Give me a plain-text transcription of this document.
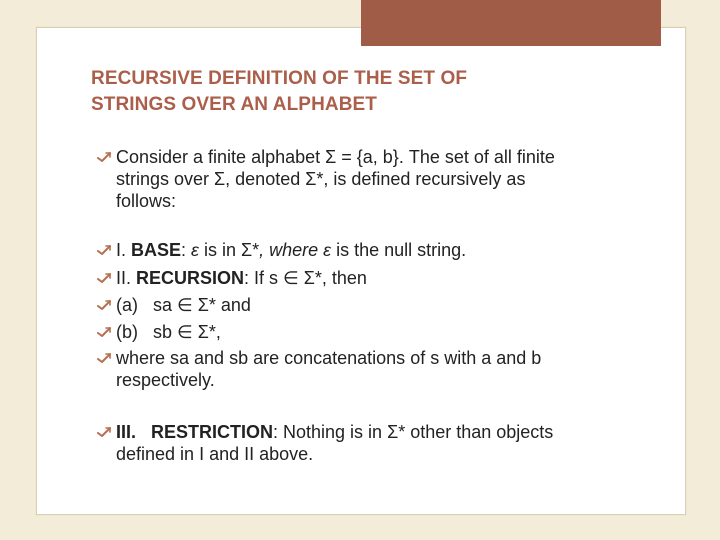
RECURSIVE DEFINITION OF THE SET OF
STRINGS OVER AN ALPHABET
Consider a finite alphabet Σ = {a, b}. The set of all finite
strings over Σ, denoted Σ*, is defined recursively as
follows:
I. BASE: ε is in Σ*, where ε is the null string.
II. RECURSION: If s ∈ Σ*, then
(a)   sa ∈ Σ* and
(b)   sb ∈ Σ*,
where sa and sb are concatenations of s with a and b
respectively.
III.   RESTRICTION: Nothing is in Σ* other than objects
defined in I and II above.
